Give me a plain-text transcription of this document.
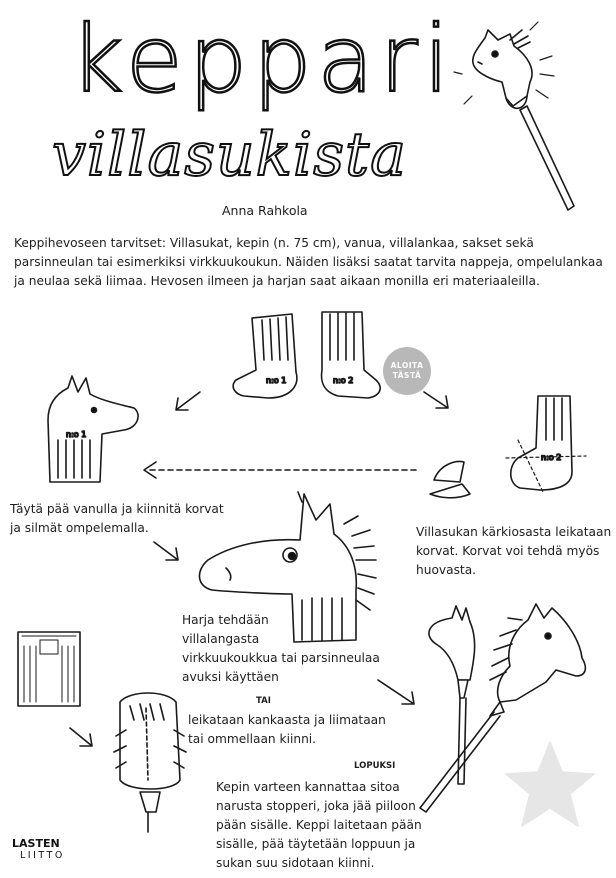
keppari
villasukista
Anna Rahkola
Keppihevoseen tarvitset: Villasukat, kepin (n. 75 cm), vanua, villalankaa, sakset sekä parsinneulan tai esimerkiksi virkkuukoukun. Näiden lisäksi saatat tarvita nappeja, ompelulankaa ja neulaa sekä liimaa. Hevosen ilmeen ja harjan saat aikaan monilla eri materiaaleilla.
ALOITA
TÄSTÄ
n:o 1	n:o 2
n:o 1
n:o 2
Villasukan kärkiosasta leikataan
korvat. Korvat voi tehdä myös
huovasta.
Täytä pää vanulla ja kiinnitä korvat
ja silmät ompelemalla.
Harja tehdään
villalangasta
virkkuukoukkua tai parsinneulaa
avuksi käyttäen
TAI
leikataan kankaasta ja liimataan
tai ommellaan kiinni.
LOPUKSI
Kepin varteen kannattaa sitoa
narusta stopperi, joka jää piiloon
pään sisälle. Keppi laitetaan pään
sisälle, pää täytetään loppuun ja
sukan suu sidotaan kiinni.
LASTEN
LIITTO
